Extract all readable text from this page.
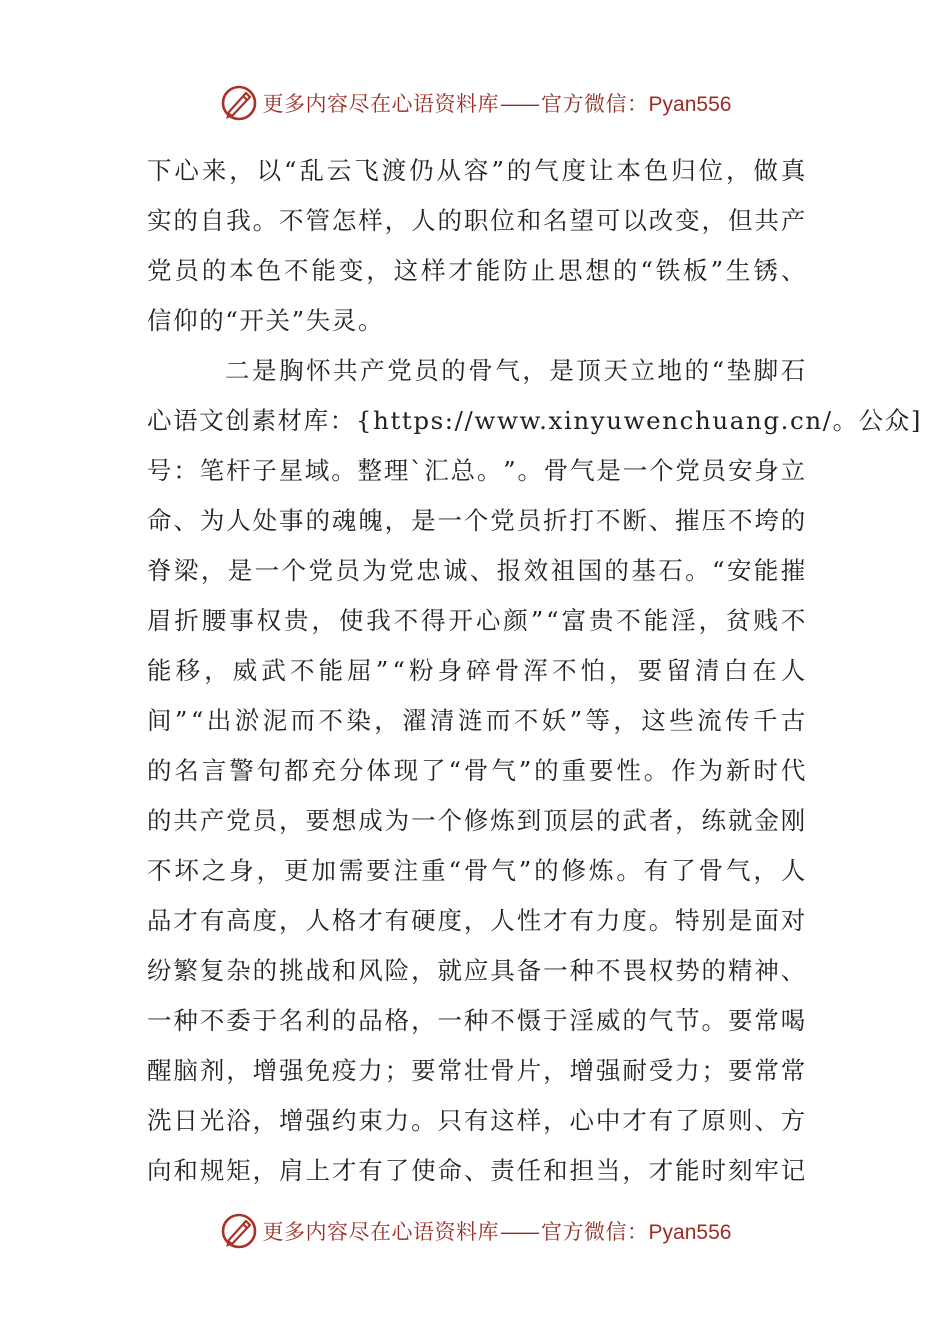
更多内容尽在心语资料库—— 官方微信：Pyan556
下 心 来 ， 以 “ 乱 云 飞 渡 仍 从 容 ” 的 气 度 让 本 色 归 位 ， 做 真
实 的 自 我 。 不 管 怎 样 ， 人 的 职 位 和 名 望 可 以 改 变 ， 但 共 产
党 员 的 本 色 不 能 变 ， 这 样 才 能 防 止 思 想 的 “ 铁 板 ” 生 锈 、
信仰的“开关”失灵。
二 是 胸 怀 共 产 党 员 的 骨 气 ， 是 顶 天 立 地 的 “ 垫 脚 石
心 语 文 创 素 材 库 ： { https://www.xinyuwenchuang.cn/ 。 公 众 ]
号 ： 笔 杆 子 星 域 。 整 理 ` 汇 总 。 ” 。 骨 气 是 一 个 党 员 安 身 立
命 、 为 人 处 事 的 魂 魄 ， 是 一 个 党 员 折 打 不 断 、 摧 压 不 垮 的
脊 梁 ， 是 一 个 党 员 为 党 忠 诚 、 报 效 祖 国 的 基 石 。 “ 安 能 摧
眉 折 腰 事 权 贵 ， 使 我 不 得 开 心 颜 ” “ 富 贵 不 能 淫 ， 贫 贱 不
能 移 ， 威 武 不 能 屈 ” “ 粉 身 碎 骨 浑 不 怕 ， 要 留 清 白 在 人
间 ” “ 出 淤 泥 而 不 染 ， 濯 清 涟 而 不 妖 ” 等 ， 这 些 流 传 千 古
的 名 言 警 句 都 充 分 体 现 了 “ 骨 气 ” 的 重 要 性 。 作 为 新 时 代
的 共 产 党 员 ， 要 想 成 为 一 个 修 炼 到 顶 层 的 武 者 ， 练 就 金 刚
不 坏 之 身 ， 更 加 需 要 注 重 “ 骨 气 ” 的 修 炼 。 有 了 骨 气 ， 人
品 才 有 高 度 ， 人 格 才 有 硬 度 ， 人 性 才 有 力 度 。 特 别 是 面 对
纷 繁 复 杂 的 挑 战 和 风 险 ， 就 应 具 备 一 种 不 畏 权 势 的 精 神 、
一 种 不 委 于 名 利 的 品 格 ， 一 种 不 慑 于 淫 威 的 气 节 。 要 常 喝
醒 脑 剂 ， 增 强 免 疫 力 ； 要 常 壮 骨 片 ， 增 强 耐 受 力 ； 要 常 常
洗 日 光 浴 ， 增 强 约 束 力 。 只 有 这 样 ， 心 中 才 有 了 原 则 、 方
向 和 规 矩 ， 肩 上 才 有 了 使 命 、 责 任 和 担 当 ， 才 能 时 刻 牢 记
更多内容尽在心语资料库—— 官方微信：Pyan556
